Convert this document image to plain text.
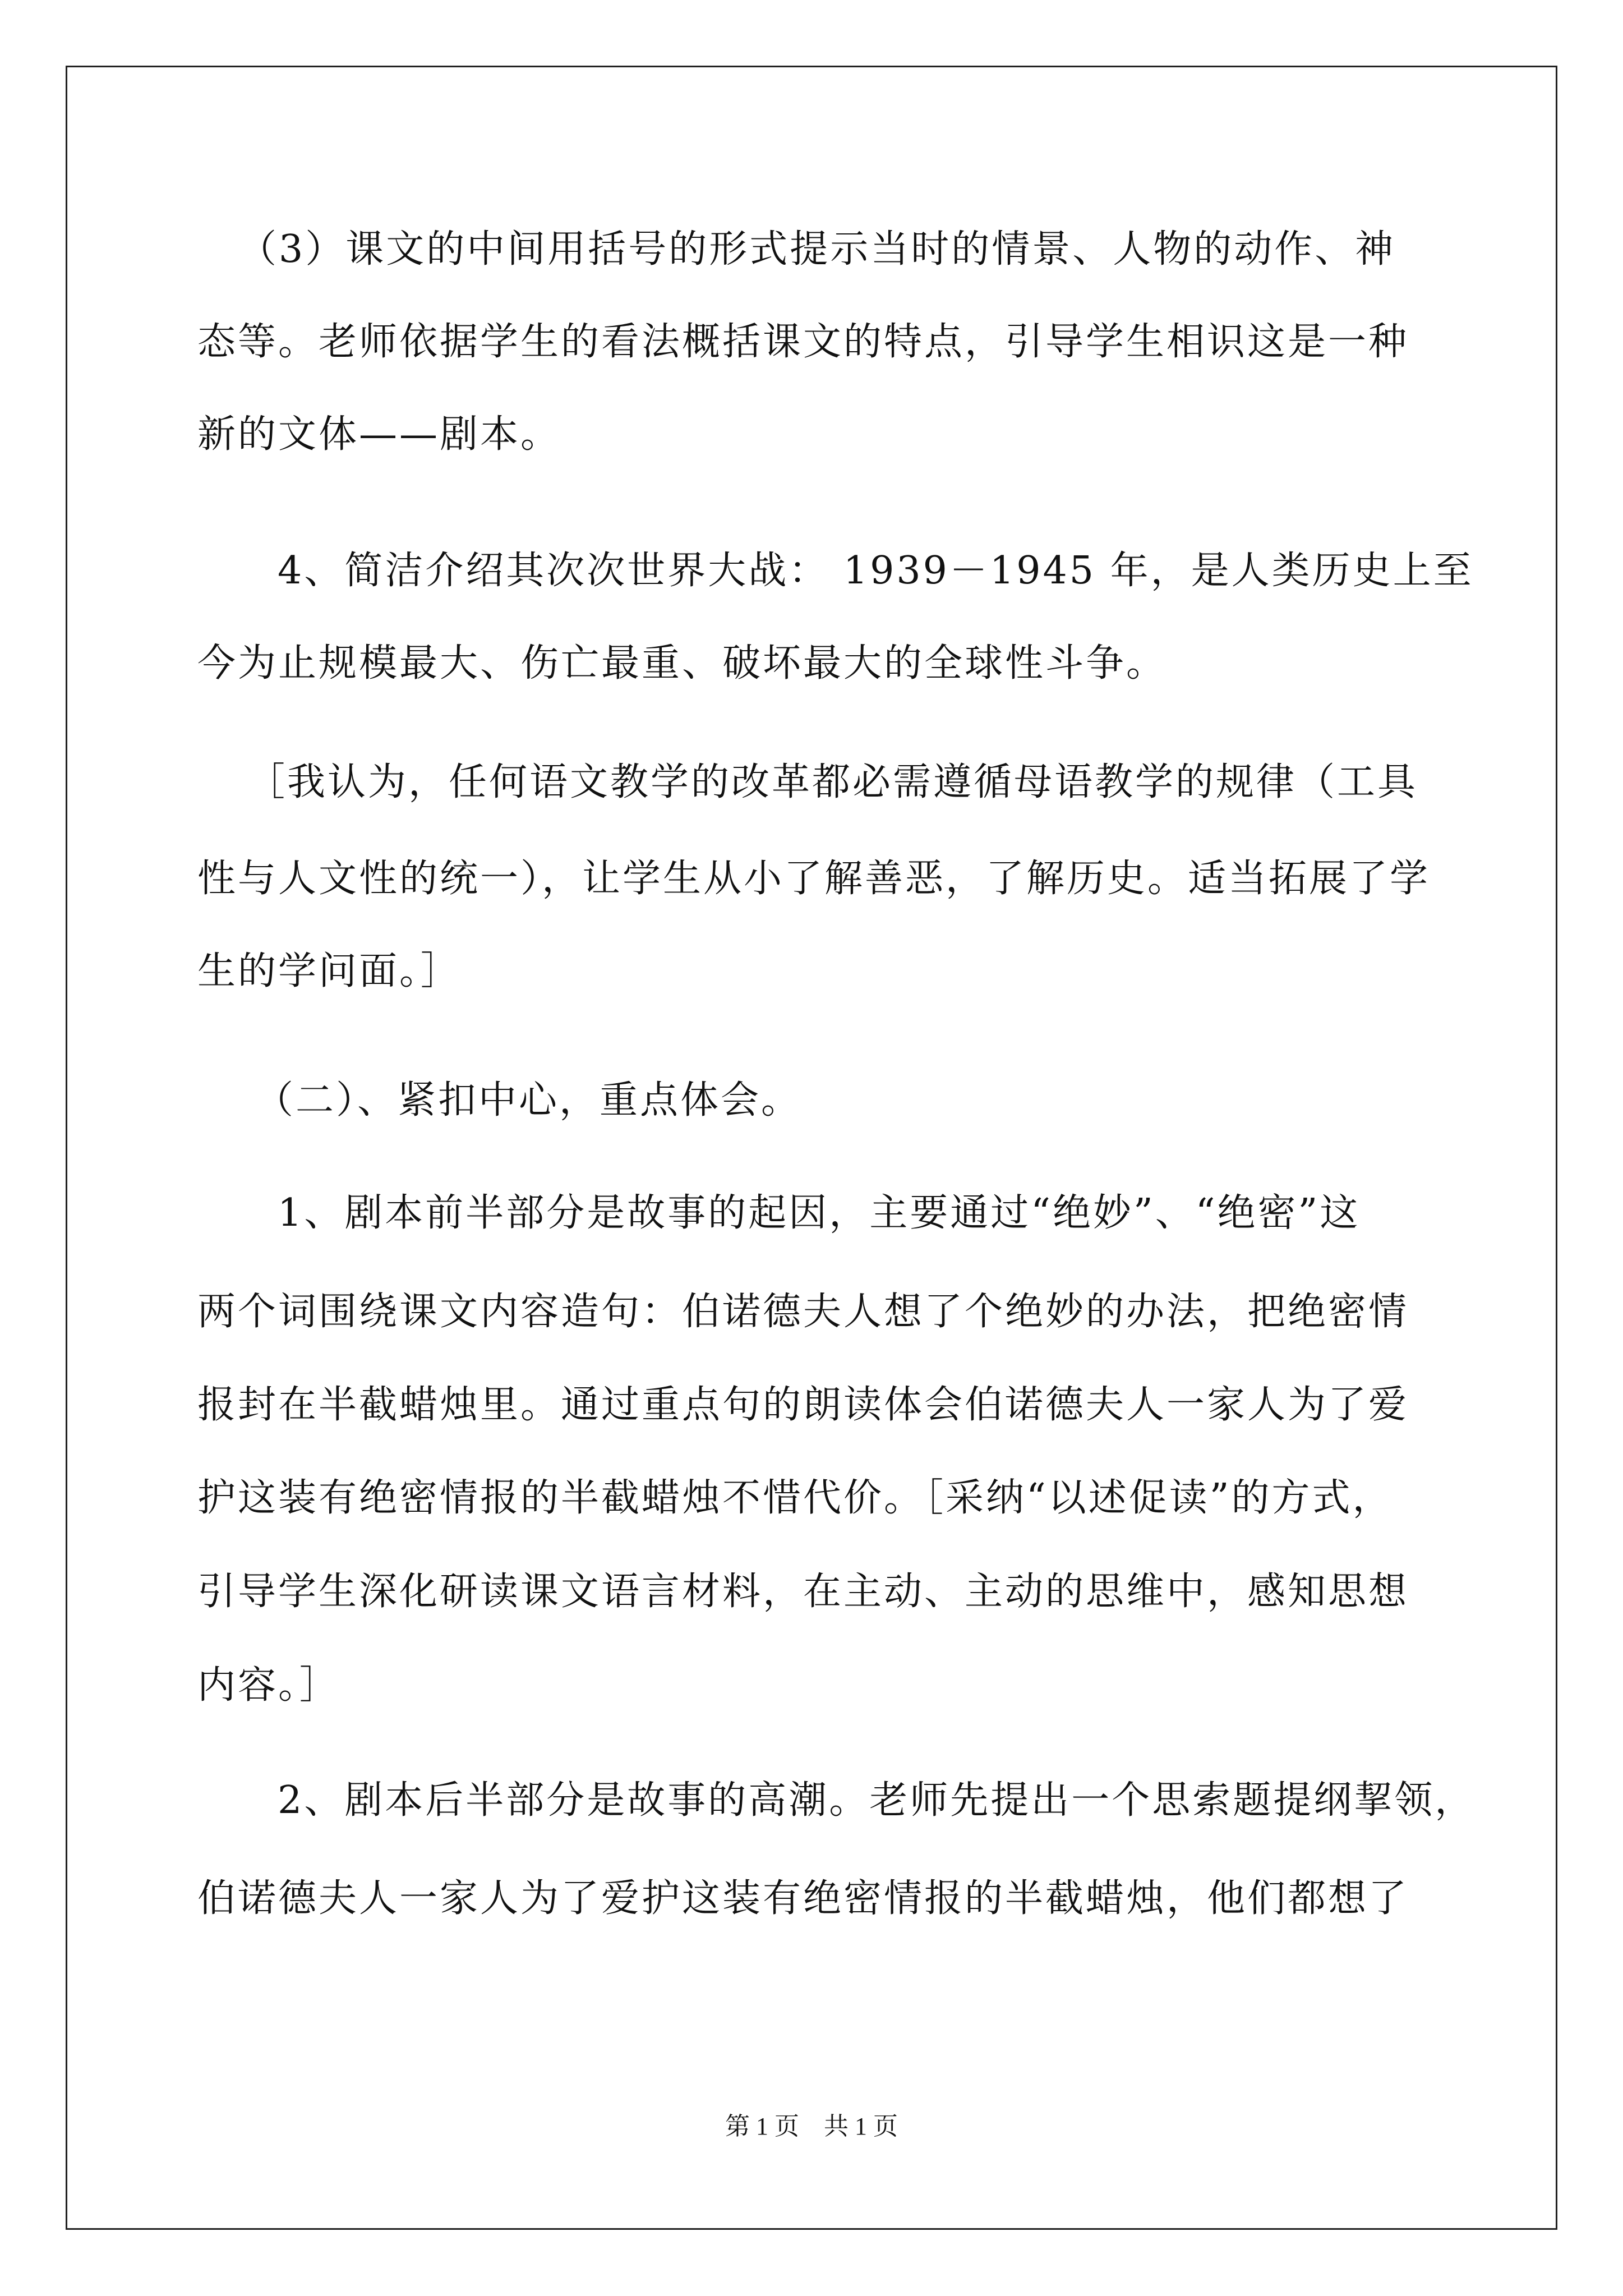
（3）课文的中间用括号的形式提示当时的情景、人物的动作、神
态等。老师依据学生的看法概括课文的特点，引导学生相识这是一种
新的文体——剧本。
4、简洁介绍其次次世界大战： 1939－1945 年，是人类历史上至
今为止规模最大、伤亡最重、破坏最大的全球性斗争。
［我认为，任何语文教学的改革都必需遵循母语教学的规律（工具
性与人文性的统一），让学生从小了解善恶，了解历史。适当拓展了学
生的学问面。］
（二）、紧扣中心，重点体会。
1、剧本前半部分是故事的起因，主要通过“绝妙”、“绝密”这
两个词围绕课文内容造句：伯诺德夫人想了个绝妙的办法，把绝密情
报封在半截蜡烛里。通过重点句的朗读体会伯诺德夫人一家人为了爱
护这装有绝密情报的半截蜡烛不惜代价。［采纳“以述促读”的方式，
引导学生深化研读课文语言材料，在主动、主动的思维中，感知思想
内容。］
2、剧本后半部分是故事的高潮。老师先提出一个思索题提纲挈领，
伯诺德夫人一家人为了爱护这装有绝密情报的半截蜡烛，他们都想了
第 1 页　共 1 页
